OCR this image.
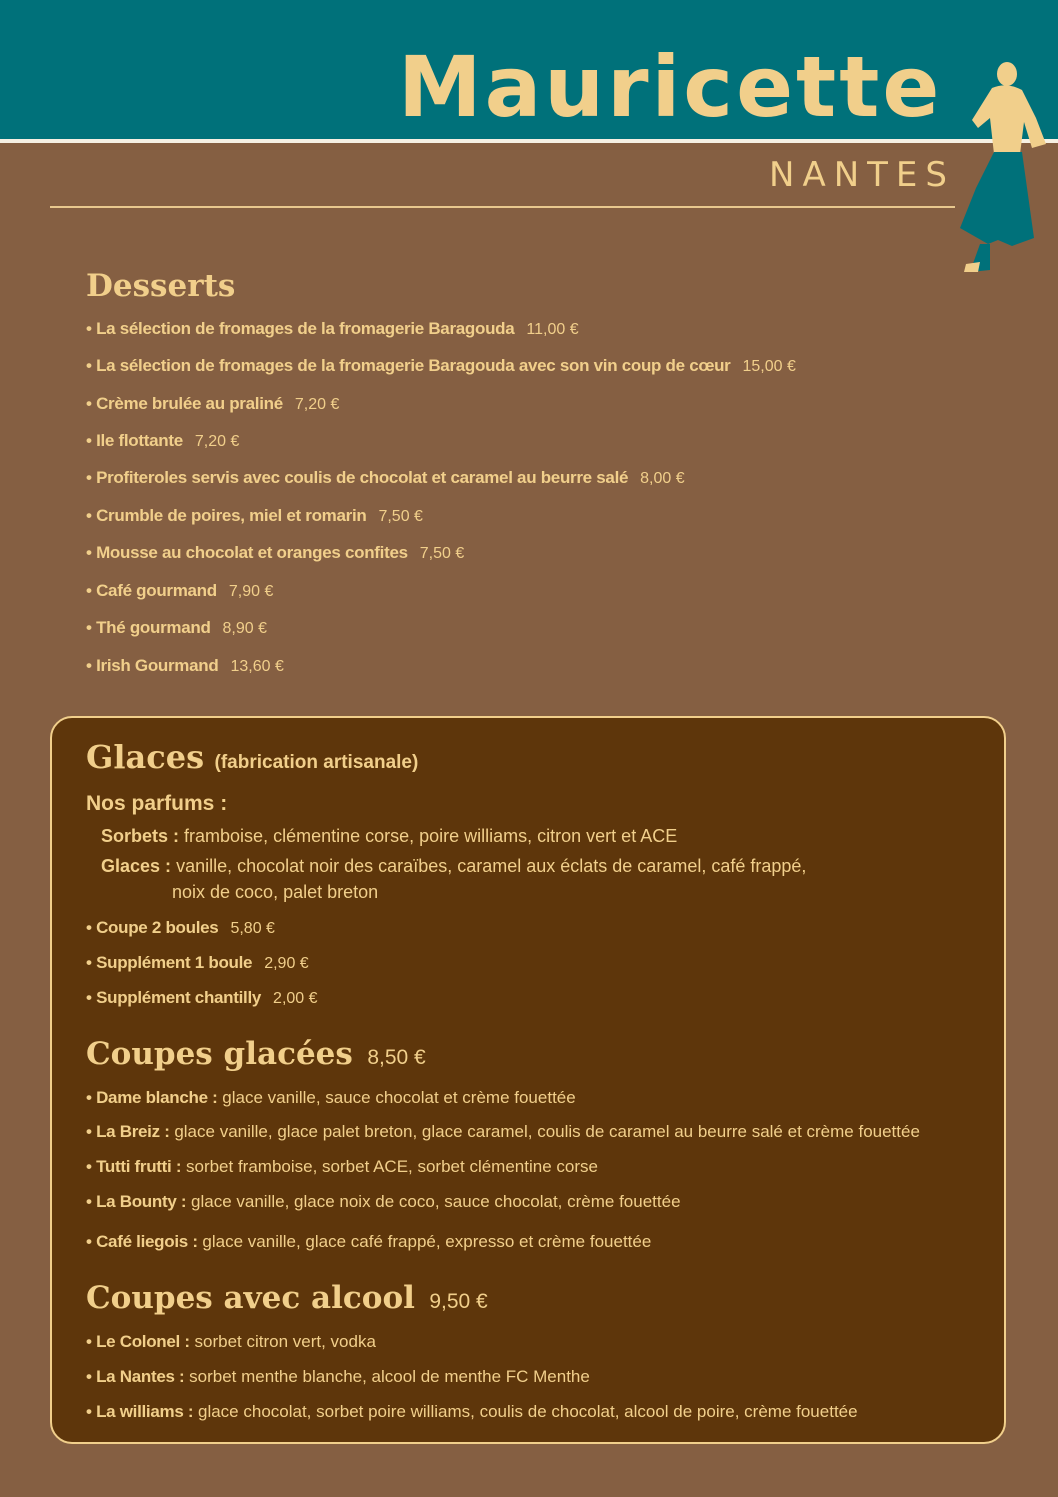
Mauricette
NANTES
Desserts
• La sélection de fromages de la fromagerie Baragouda 11,00 €
• La sélection de fromages de la fromagerie Baragouda avec son vin coup de cœur 15,00 €
• Crème brulée au praliné 7,20 €
• Ile flottante 7,20 €
• Profiteroles servis avec coulis de chocolat et caramel au beurre salé 8,00 €
• Crumble de poires, miel et romarin 7,50 €
• Mousse au chocolat et oranges confites 7,50 €
• Café gourmand 7,90 €
• Thé gourmand 8,90 €
• Irish Gourmand 13,60 €
Glaces (fabrication artisanale)
Nos parfums :
Sorbets : framboise, clémentine corse, poire williams, citron vert et ACE
Glaces : vanille, chocolat noir des caraïbes, caramel aux éclats de caramel, café frappé,
noix de coco, palet breton
• Coupe 2 boules 5,80 €
• Supplément 1 boule 2,90 €
• Supplément chantilly 2,00 €
Coupes glacées 8,50 €
• Dame blanche : glace vanille, sauce chocolat et crème fouettée
• La Breiz : glace vanille, glace palet breton, glace caramel, coulis de caramel au beurre salé et crème fouettée
• Tutti frutti : sorbet framboise, sorbet ACE, sorbet clémentine corse
• La Bounty : glace vanille, glace noix de coco, sauce chocolat, crème fouettée
• Café liegois : glace vanille, glace café frappé, expresso et crème fouettée
Coupes avec alcool 9,50 €
• Le Colonel : sorbet citron vert, vodka
• La Nantes : sorbet menthe blanche, alcool de menthe FC Menthe
• La williams : glace chocolat, sorbet poire williams, coulis de chocolat, alcool de poire, crème fouettée
